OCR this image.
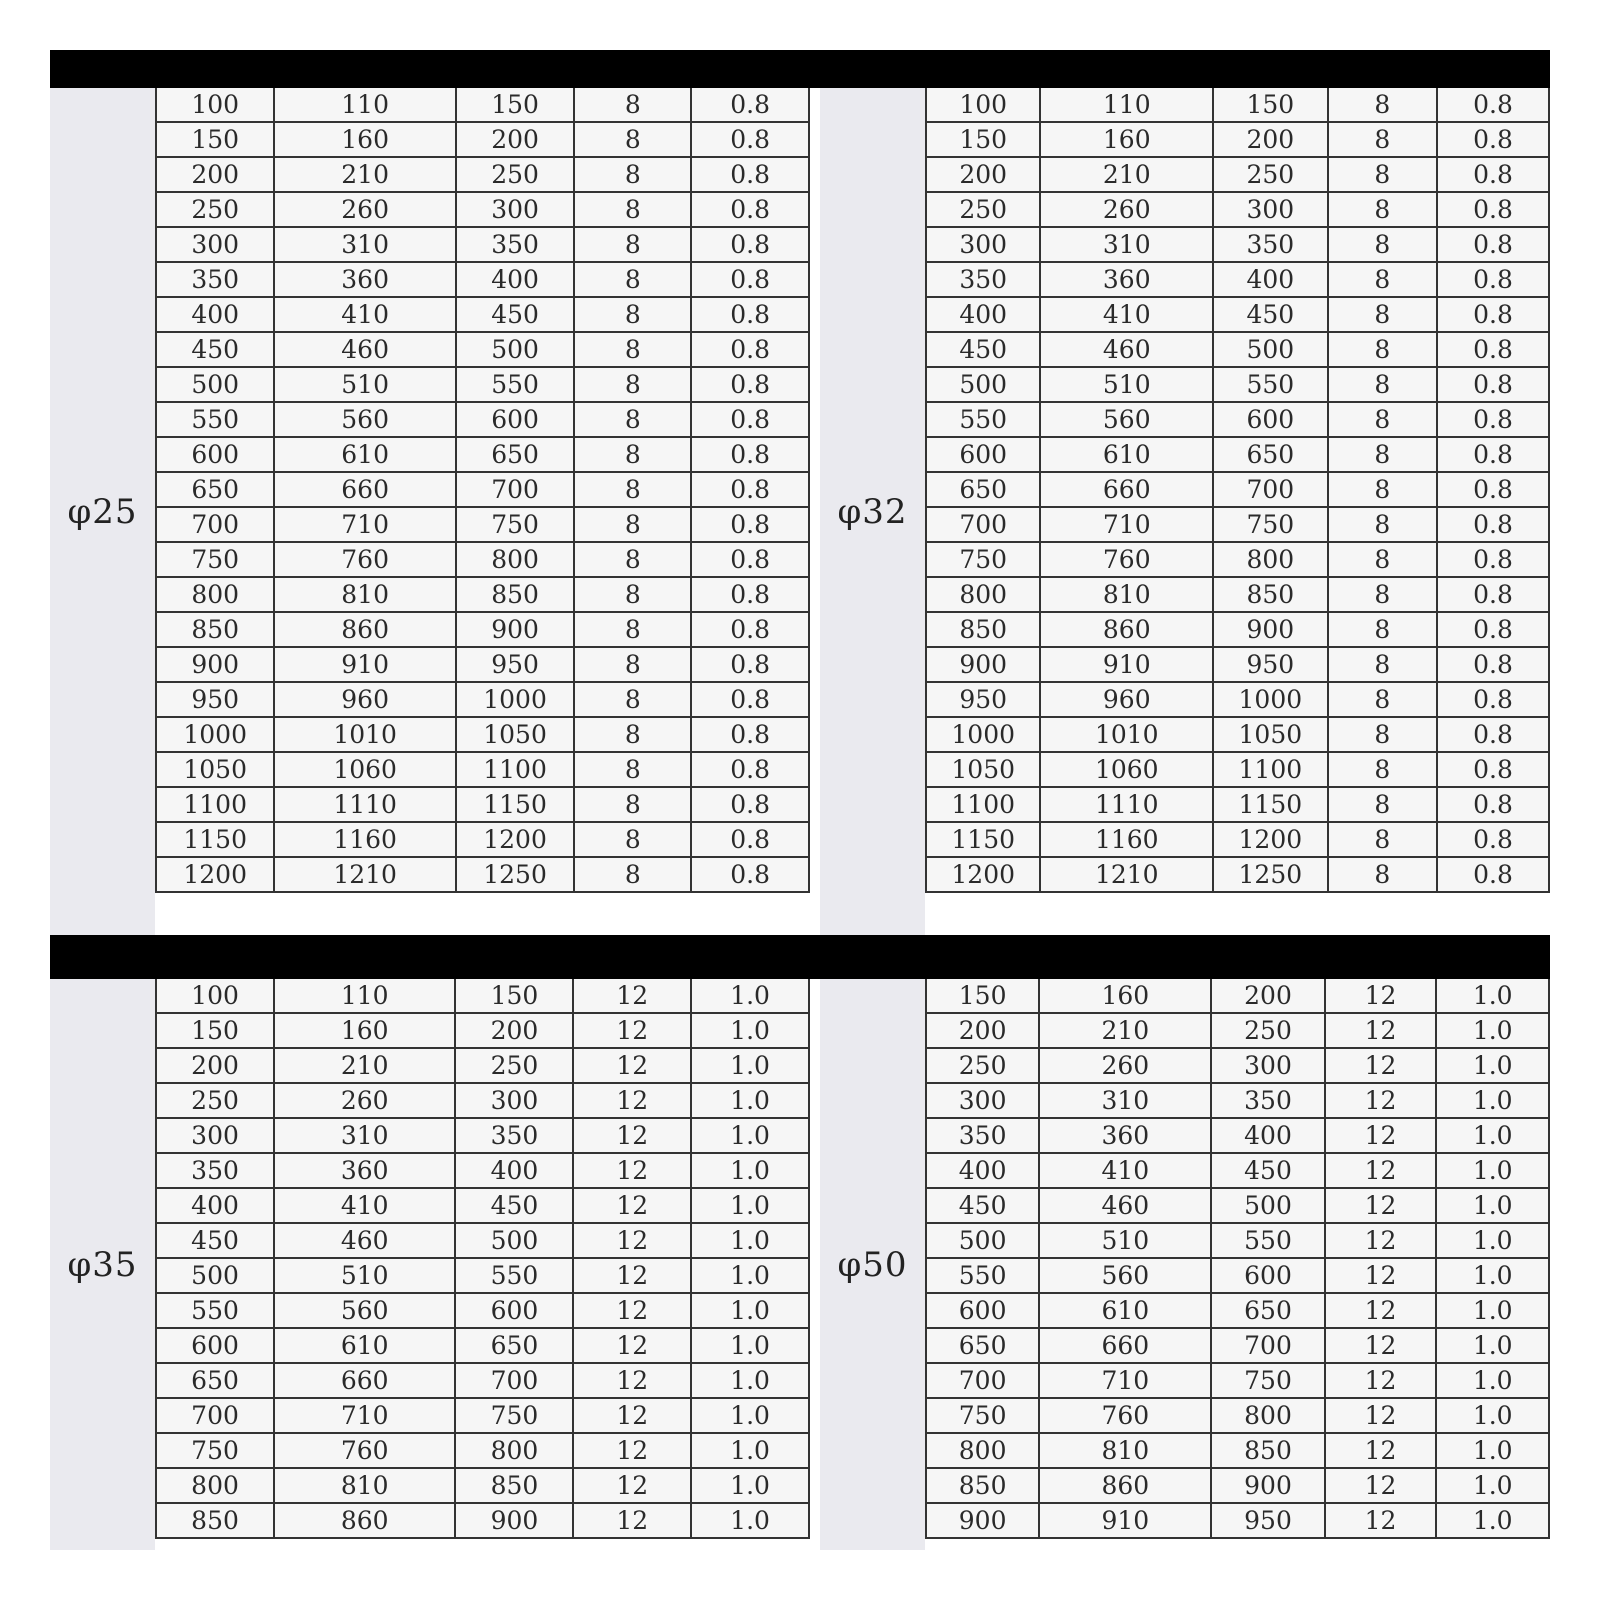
φ25
100	110	150	8	0.8
150	160	200	8	0.8
200	210	250	8	0.8
250	260	300	8	0.8
300	310	350	8	0.8
350	360	400	8	0.8
400	410	450	8	0.8
450	460	500	8	0.8
500	510	550	8	0.8
550	560	600	8	0.8
600	610	650	8	0.8
650	660	700	8	0.8
700	710	750	8	0.8
750	760	800	8	0.8
800	810	850	8	0.8
850	860	900	8	0.8
900	910	950	8	0.8
950	960	1000	8	0.8
1000	1010	1050	8	0.8
1050	1060	1100	8	0.8
1100	1110	1150	8	0.8
1150	1160	1200	8	0.8
1200	1210	1250	8	0.8
φ32
100	110	150	8	0.8
150	160	200	8	0.8
200	210	250	8	0.8
250	260	300	8	0.8
300	310	350	8	0.8
350	360	400	8	0.8
400	410	450	8	0.8
450	460	500	8	0.8
500	510	550	8	0.8
550	560	600	8	0.8
600	610	650	8	0.8
650	660	700	8	0.8
700	710	750	8	0.8
750	760	800	8	0.8
800	810	850	8	0.8
850	860	900	8	0.8
900	910	950	8	0.8
950	960	1000	8	0.8
1000	1010	1050	8	0.8
1050	1060	1100	8	0.8
1100	1110	1150	8	0.8
1150	1160	1200	8	0.8
1200	1210	1250	8	0.8
φ35
100	110	150	12	1.0
150	160	200	12	1.0
200	210	250	12	1.0
250	260	300	12	1.0
300	310	350	12	1.0
350	360	400	12	1.0
400	410	450	12	1.0
450	460	500	12	1.0
500	510	550	12	1.0
550	560	600	12	1.0
600	610	650	12	1.0
650	660	700	12	1.0
700	710	750	12	1.0
750	760	800	12	1.0
800	810	850	12	1.0
850	860	900	12	1.0
φ50
150	160	200	12	1.0
200	210	250	12	1.0
250	260	300	12	1.0
300	310	350	12	1.0
350	360	400	12	1.0
400	410	450	12	1.0
450	460	500	12	1.0
500	510	550	12	1.0
550	560	600	12	1.0
600	610	650	12	1.0
650	660	700	12	1.0
700	710	750	12	1.0
750	760	800	12	1.0
800	810	850	12	1.0
850	860	900	12	1.0
900	910	950	12	1.0
